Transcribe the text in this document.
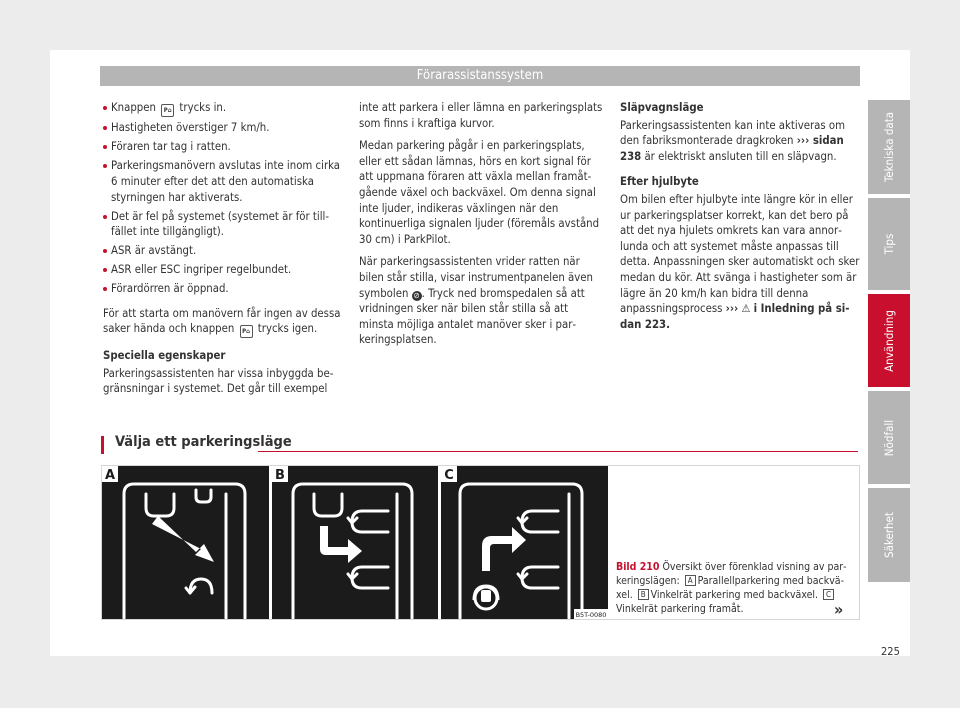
Förarassistanssystem
Knappen P⌂ trycks in.
Hastigheten överstiger 7 km/h.
Föraren tar tag i ratten.
Parkeringsmanövern avslutas inte inom cirka 6 minuter efter det att den automatiska styrningen har aktiverats.
Det är fel på systemet (systemet är för tillfället inte tillgängligt).
ASR är avstängt.
ASR eller ESC ingriper regelbundet.
Förardörren är öppnad.

För att starta om manövern får ingen av dessa saker hända och knappen P⌂ trycks igen.

Speciella egenskaper

Parkeringsassistenten har vissa inbyggda begränsningar i systemet. Det går till exempel

inte att parkera i eller lämna en parkeringsplats som finns i kraftiga kurvor.

Medan parkering pågår i en parkeringsplats, eller ett sådan lämnas, hörs en kort signal för att uppmana föraren att växla mellan framåtgående växel och backväxel. Om denna signal inte ljuder, indikeras växlingen när den kontinuerliga signalen ljuder (föremåls avstånd 30 cm) i ParkPilot.

När parkeringsassistenten vrider ratten när bilen står stilla, visar instrumentpanelen även symbolen ⊘ . Tryck ned bromspedalen så att vridningen sker när bilen står stilla så att minsta möjliga antalet manöver sker i parkeringsplatsen.

Släpvagnsläge

Parkeringsassistenten kan inte aktiveras om den fabriksmonterade dragkroken ››› sidan 238 är elektriskt ansluten till en släpvagn.

Efter hjulbyte

Om bilen efter hjulbyte inte längre kör in eller ur parkeringsplatser korrekt, kan det bero på att det nya hjulets omkrets kan vara annorlunda och att systemet måste anpassas till detta. Anpassningen sker automatiskt och sker medan du kör. Att svänga i hastigheter som är lägre än 20 km/h kan bidra till denna anpassningsprocess ››› ⚠ i Inledning på sidan 223.

Välja ett parkeringsläge
A	B	C
B5T-0080
Bild 210 Översikt över förenklad visning av parkeringslägen: A Parallellparkering med backväxel. B Vinkelrät parkering med backväxel. CVinkelrät parkering framåt.	»
225
Tekniska data
Tips
Användning
Nödfall
Säkerhet
